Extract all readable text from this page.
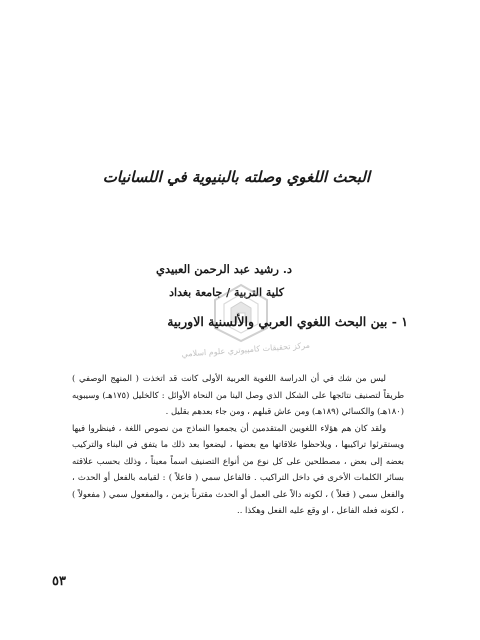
البحث اللغوي وصلته بالبنيوية في اللسانيات

د. رشيد عبد الرحمن العبيدي

كلية التربية / جامعة بغداد

١ - بين البحث اللغوي العربي والألسنية الاوربية

مركز تحقيقات كامپيوتري علوم اسلامي

ليس من شك في أن الدراسة اللغوية العربية الأولى كانت قد اتخذت ( المنهج الوصفي ) طريقاً لتصنيف نتائجها على الشكل الذي وصل الينا من النحاة الأوائل : كالخليل (١٧٥هـ) وسيبويه (١٨٠هـ) والكسائي (١٨٩هـ) ومن عاش قبلهم ، ومن جاء بعدهم بقليل .

ولقد كان هم هؤلاء اللغويين المتقدمين أن يجمعوا النماذج من نصوص اللغة ، فينظروا فيها ويستقرئوا تراكيبها ، ويلاحظوا علاقاتها مع بعضها ، ليضعوا بعد ذلك ما يتفق في البناء والتركيب بعضه إلى بعض ، مصطلحين على كل نوع من أنواع التصنيف اسماً معيناً ، وذلك بحسب علاقته بسائر الكلمات الأخرى في داخل التراكيب . فالفاعل سمي ( فاعلاً ) : لقيامه بالفعل أو الحدث ، والفعل سمي ( فعلاً ) ، لكونه دالاً على العمل أو الحدث مقترناً بزمن ، والمفعول سمي ( مفعولاً ) ، لكونه فعله الفاعل ، او وقع عليه الفعل وهكذا ..

٥٣
